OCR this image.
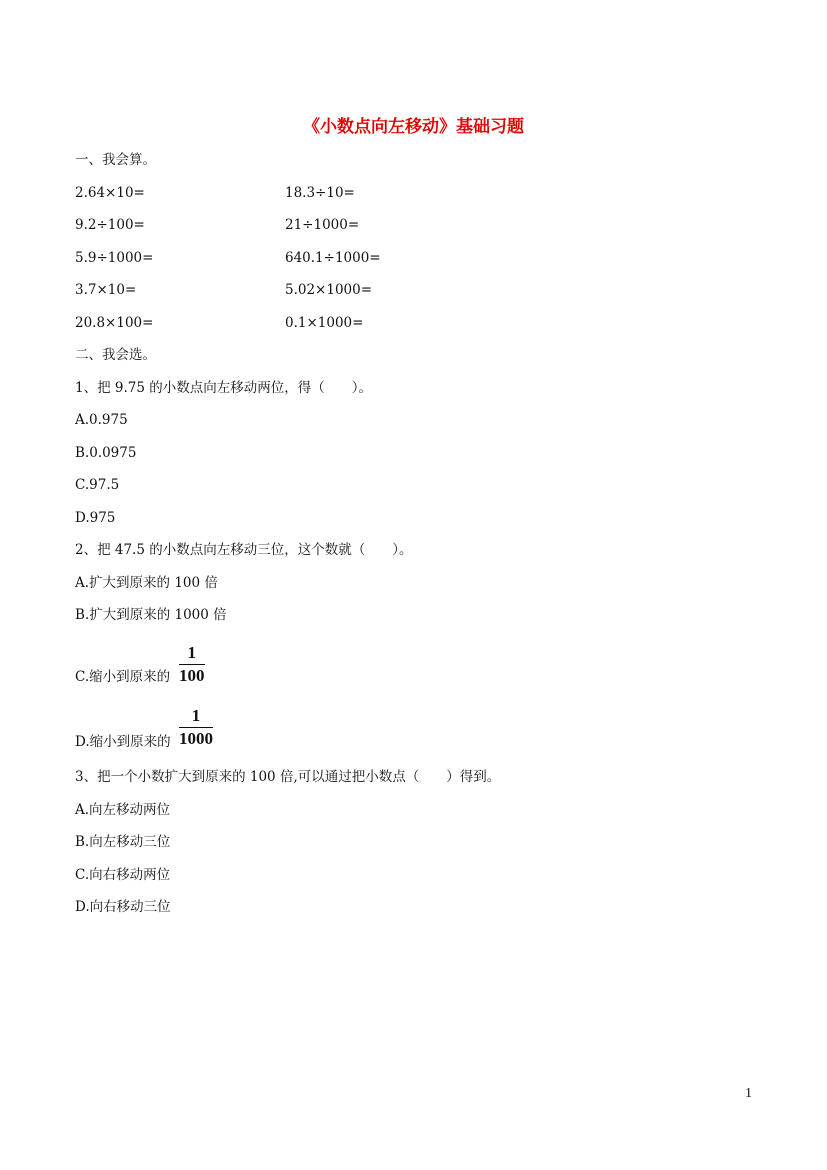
《小数点向左移动》基础习题
一、我会算。
2.64×10=	18.3÷10=
9.2÷100=	21÷1000=
5.9÷1000=	640.1÷1000=
3.7×10=	5.02×1000=
20.8×100=	0.1×1000=
二、我会选。
1、把 9.75 的小数点向左移动两位，得（　　）。
A.0.975
B.0.0975
C.97.5
D.975
2、把 47.5 的小数点向左移动三位，这个数就（　　）。
A.扩大到原来的 100 倍
B.扩大到原来的 1000 倍
C.缩小到原来的
1
100
D.缩小到原来的
1
1000
3、把一个小数扩大到原来的 100 倍,可以通过把小数点（　　）得到。
A.向左移动两位
B.向左移动三位
C.向右移动两位
D.向右移动三位
1
